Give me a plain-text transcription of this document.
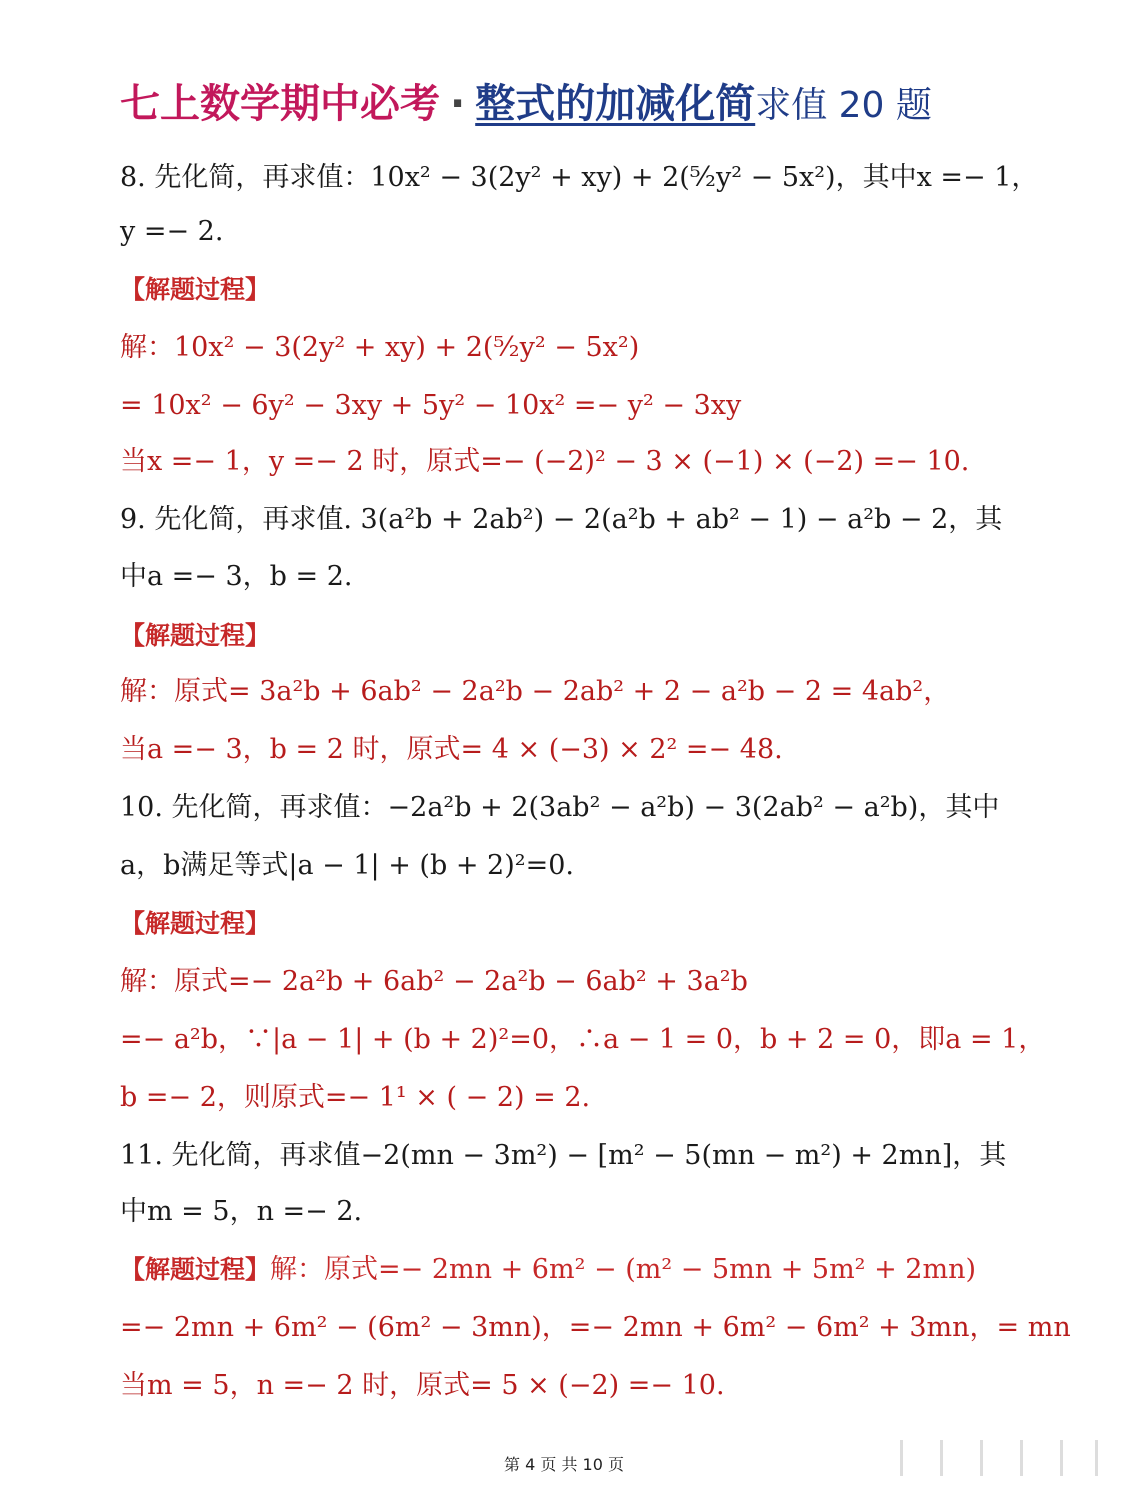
七上数学期中必考 · 整式的加减化简求值 20 题
8. 先化简，再求值：10x² − 3(2y² + xy) + 2(⁵⁄₂y² − 5x²)，其中x =− 1，
y =− 2.
【解题过程】
解：10x² − 3(2y² + xy) + 2(⁵⁄₂y² − 5x²)
= 10x² − 6y² − 3xy + 5y² − 10x² =− y² − 3xy
当x =− 1，y =− 2 时，原式=− (−2)² − 3 × (−1) × (−2) =− 10.
9. 先化简，再求值. 3(a²b + 2ab²) − 2(a²b + ab² − 1) − a²b − 2，其
中a =− 3，b = 2.
【解题过程】
解：原式= 3a²b + 6ab² − 2a²b − 2ab² + 2 − a²b − 2 = 4ab²，
当a =− 3，b = 2 时，原式= 4 × (−3) × 2² =− 48.
10. 先化简，再求值：−2a²b + 2(3ab² − a²b) − 3(2ab² − a²b)，其中
a，b满足等式|a − 1| + (b + 2)²=0.
【解题过程】
解：原式=− 2a²b + 6ab² − 2a²b − 6ab² + 3a²b
=− a²b，∵|a − 1| + (b + 2)²=0，∴a − 1 = 0，b + 2 = 0，即a = 1，
b =− 2，则原式=− 1¹ × ( − 2) = 2.
11. 先化简，再求值−2(mn − 3m²) − [m² − 5(mn − m²) + 2mn]，其
中m = 5，n =− 2.
【解题过程】解：原式=− 2mn + 6m² − (m² − 5mn + 5m² + 2mn)
=− 2mn + 6m² − (6m² − 3mn)，=− 2mn + 6m² − 6m² + 3mn，= mn
当m = 5，n =− 2 时，原式= 5 × (−2) =− 10.
第 4 页 共 10 页
